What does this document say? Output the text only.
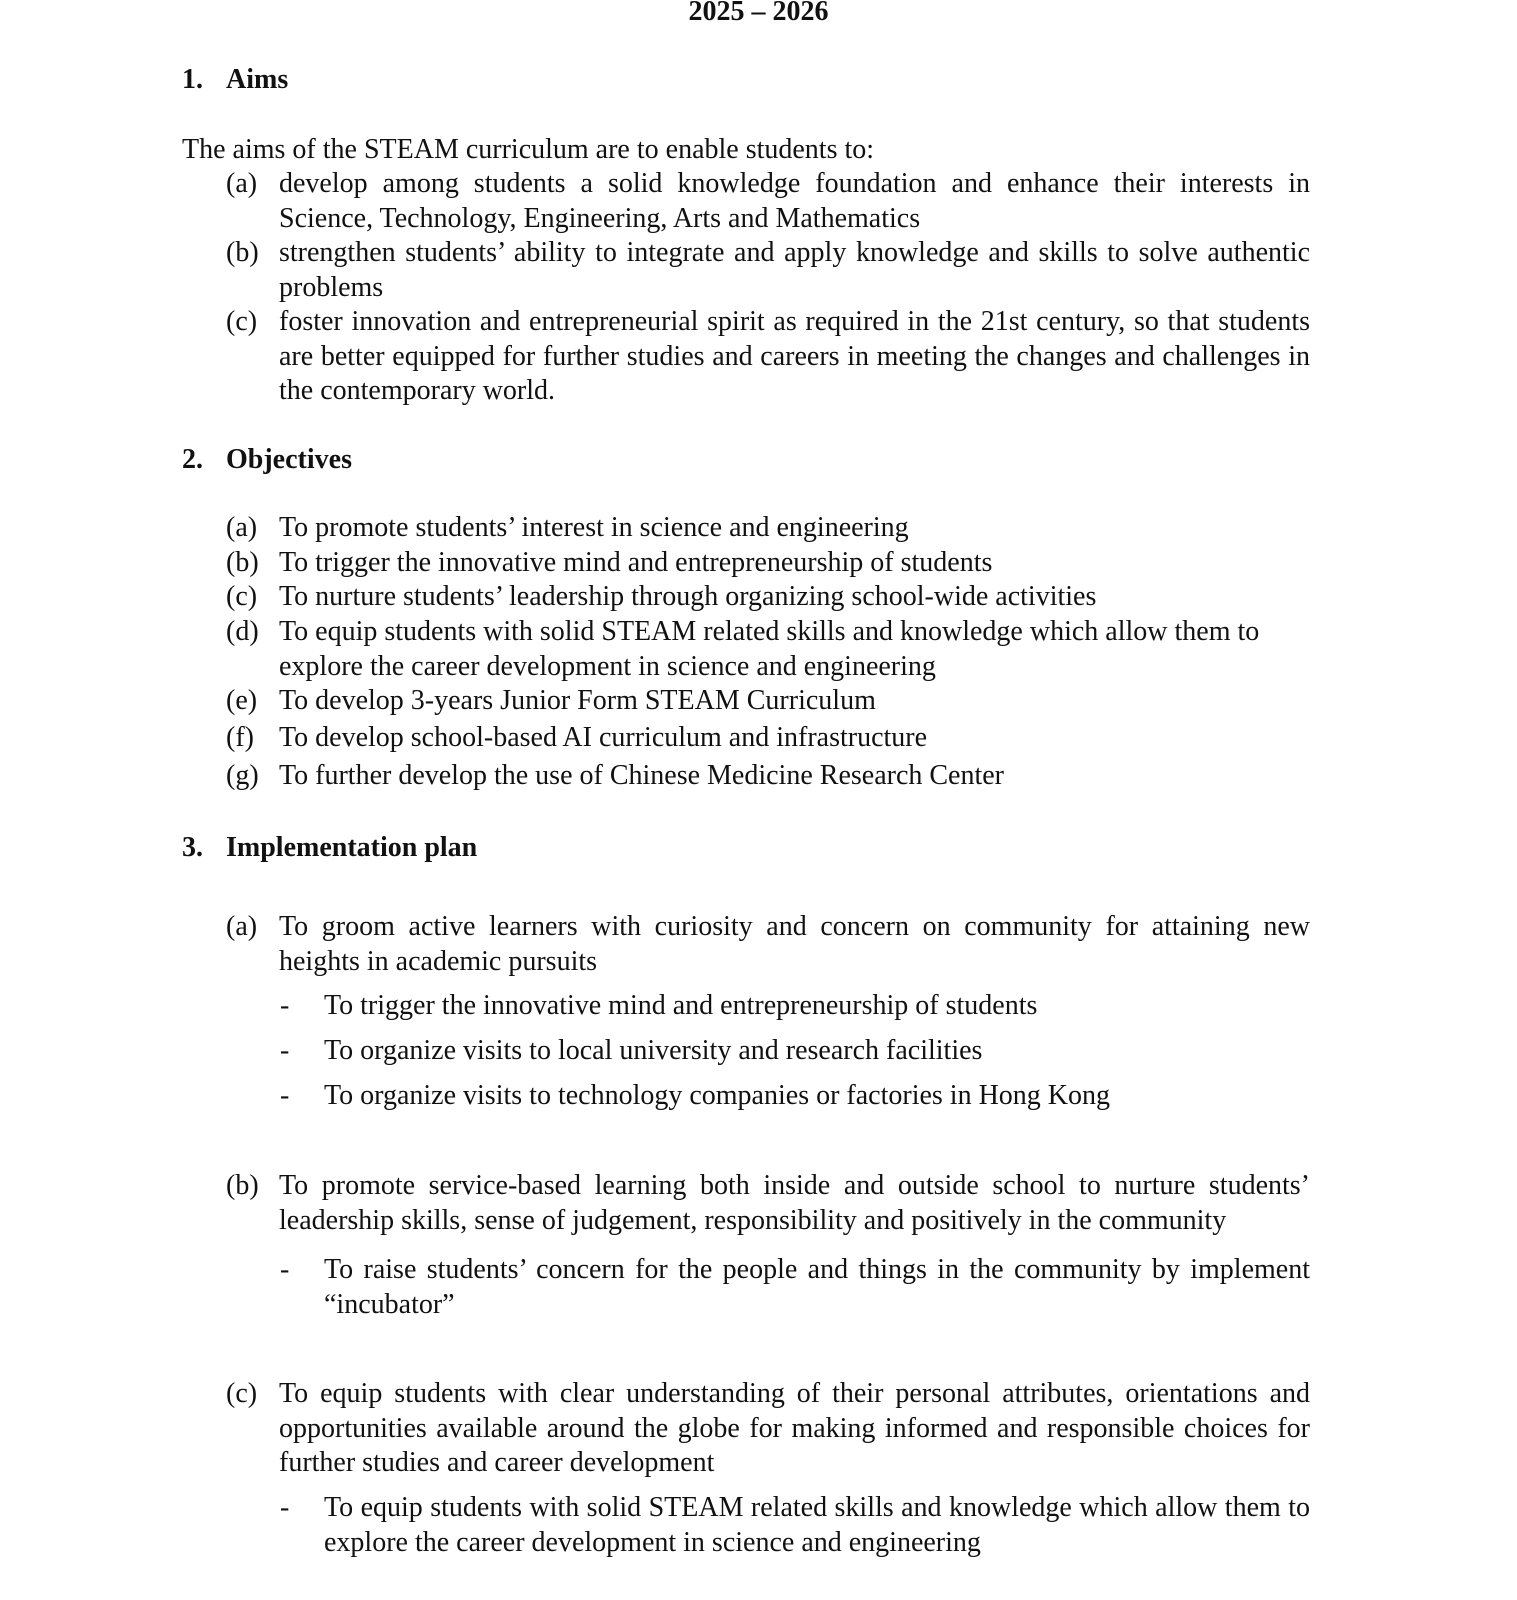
2025 – 2026
1. Aims
The aims of the STEAM curriculum are to enable students to:
(a) develop among students a solid knowledge foundation and enhance their interests in Science, Technology, Engineering, Arts and Mathematics
(b) strengthen students’ ability to integrate and apply knowledge and skills to solve authentic problems
(c) foster innovation and entrepreneurial spirit as required in the 21st century, so that students are better equipped for further studies and careers in meeting the changes and challenges in the contemporary world.
2. Objectives
(a) To promote students’ interest in science and engineering
(b) To trigger the innovative mind and entrepreneurship of students
(c) To nurture students’ leadership through organizing school-wide activities
(d) To equip students with solid STEAM related skills and knowledge which allow them to explore the career development in science and engineering
(e) To develop 3-years Junior Form STEAM Curriculum
(f) To develop school-based AI curriculum and infrastructure
(g) To further develop the use of Chinese Medicine Research Center
3. Implementation plan
(a) To groom active learners with curiosity and concern on community for attaining new heights in academic pursuits
- To trigger the innovative mind and entrepreneurship of students
- To organize visits to local university and research facilities
- To organize visits to technology companies or factories in Hong Kong
(b) To promote service-based learning both inside and outside school to nurture students’ leadership skills, sense of judgement, responsibility and positively in the community
- To raise students’ concern for the people and things in the community by implement “incubator”
(c) To equip students with clear understanding of their personal attributes, orientations and opportunities available around the globe for making informed and responsible choices for further studies and career development
- To equip students with solid STEAM related skills and knowledge which allow them to explore the career development in science and engineering
